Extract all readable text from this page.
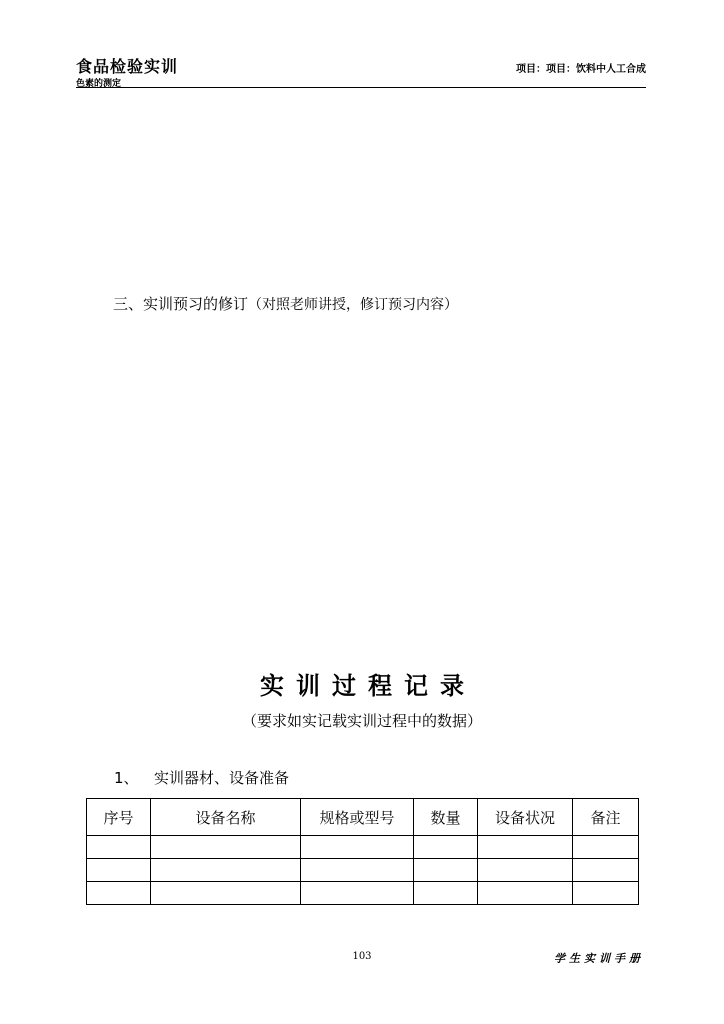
食品检验实训
色素的测定
项目：项目：饮料中人工合成
三、实训预习的修订（对照老师讲授，修订预习内容）
实训过程记录
（要求如实记载实训过程中的数据）
1、 实训器材、设备准备
序号	设备名称	规格或型号	数量	设备状况	备注

103	学生实训手册
